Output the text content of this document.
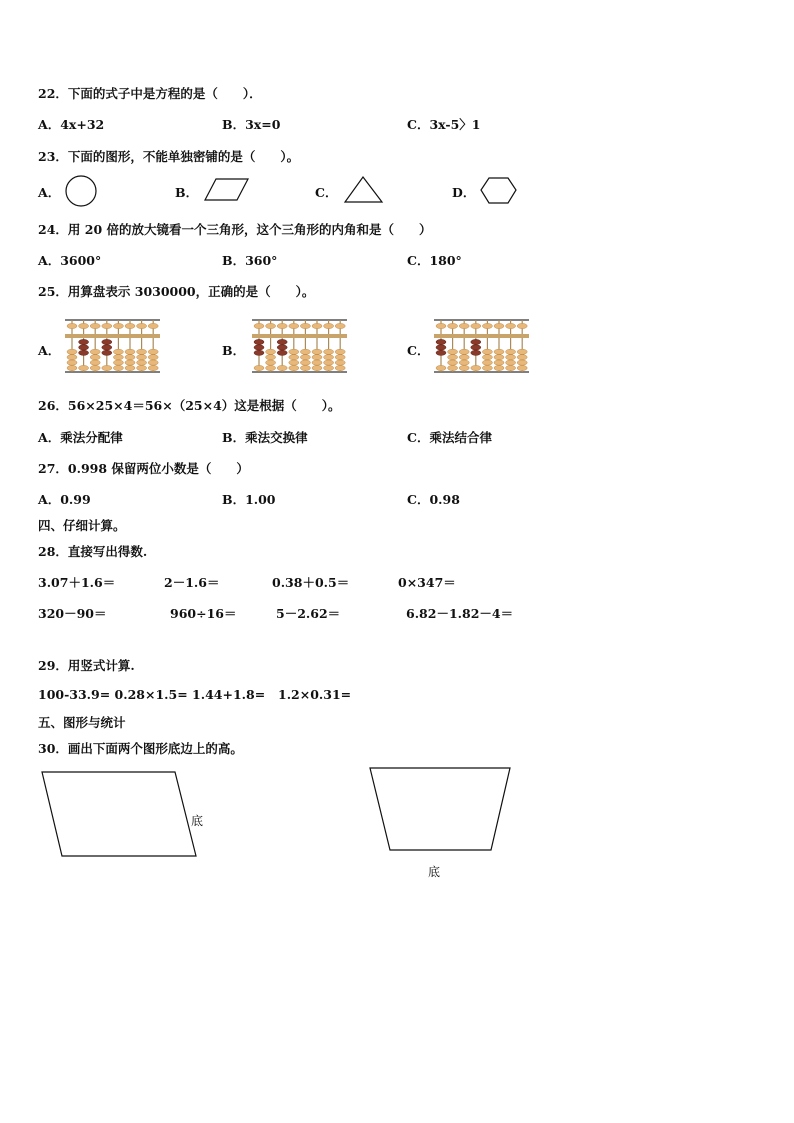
22．下面的式子中是方程的是（　　）．
A．4x+32	B．3x=0	C．3x-5〉1
23．下面的图形，不能单独密铺的是（　　）。
A．	B．	C．	D．
24．用 20 倍的放大镜看一个三角形，这个三角形的内角和是（　　）
A．3600°	B．360°	C．180°
25．用算盘表示 3030000，正确的是（　　）。
A．	B．	C．
26．56×25×4＝56×（25×4）这是根据（　　）。
A．乘法分配律	B．乘法交换律	C．乘法结合律
27．0.998 保留两位小数是（　　）
A．0.99	B．1.00	C．0.98
四、仔细计算。
28．直接写出得数.
3.07＋1.6＝	2－1.6＝	0.38＋0.5＝	0×347＝
320－90＝	960÷16＝	5－2.62＝	6.82－1.82－4＝
29．用竖式计算.
100-33.9= 0.28×1.5= 1.44+1.8= 1.2×0.31=
五、图形与统计
30．画出下面两个图形底边上的高。
底
底
